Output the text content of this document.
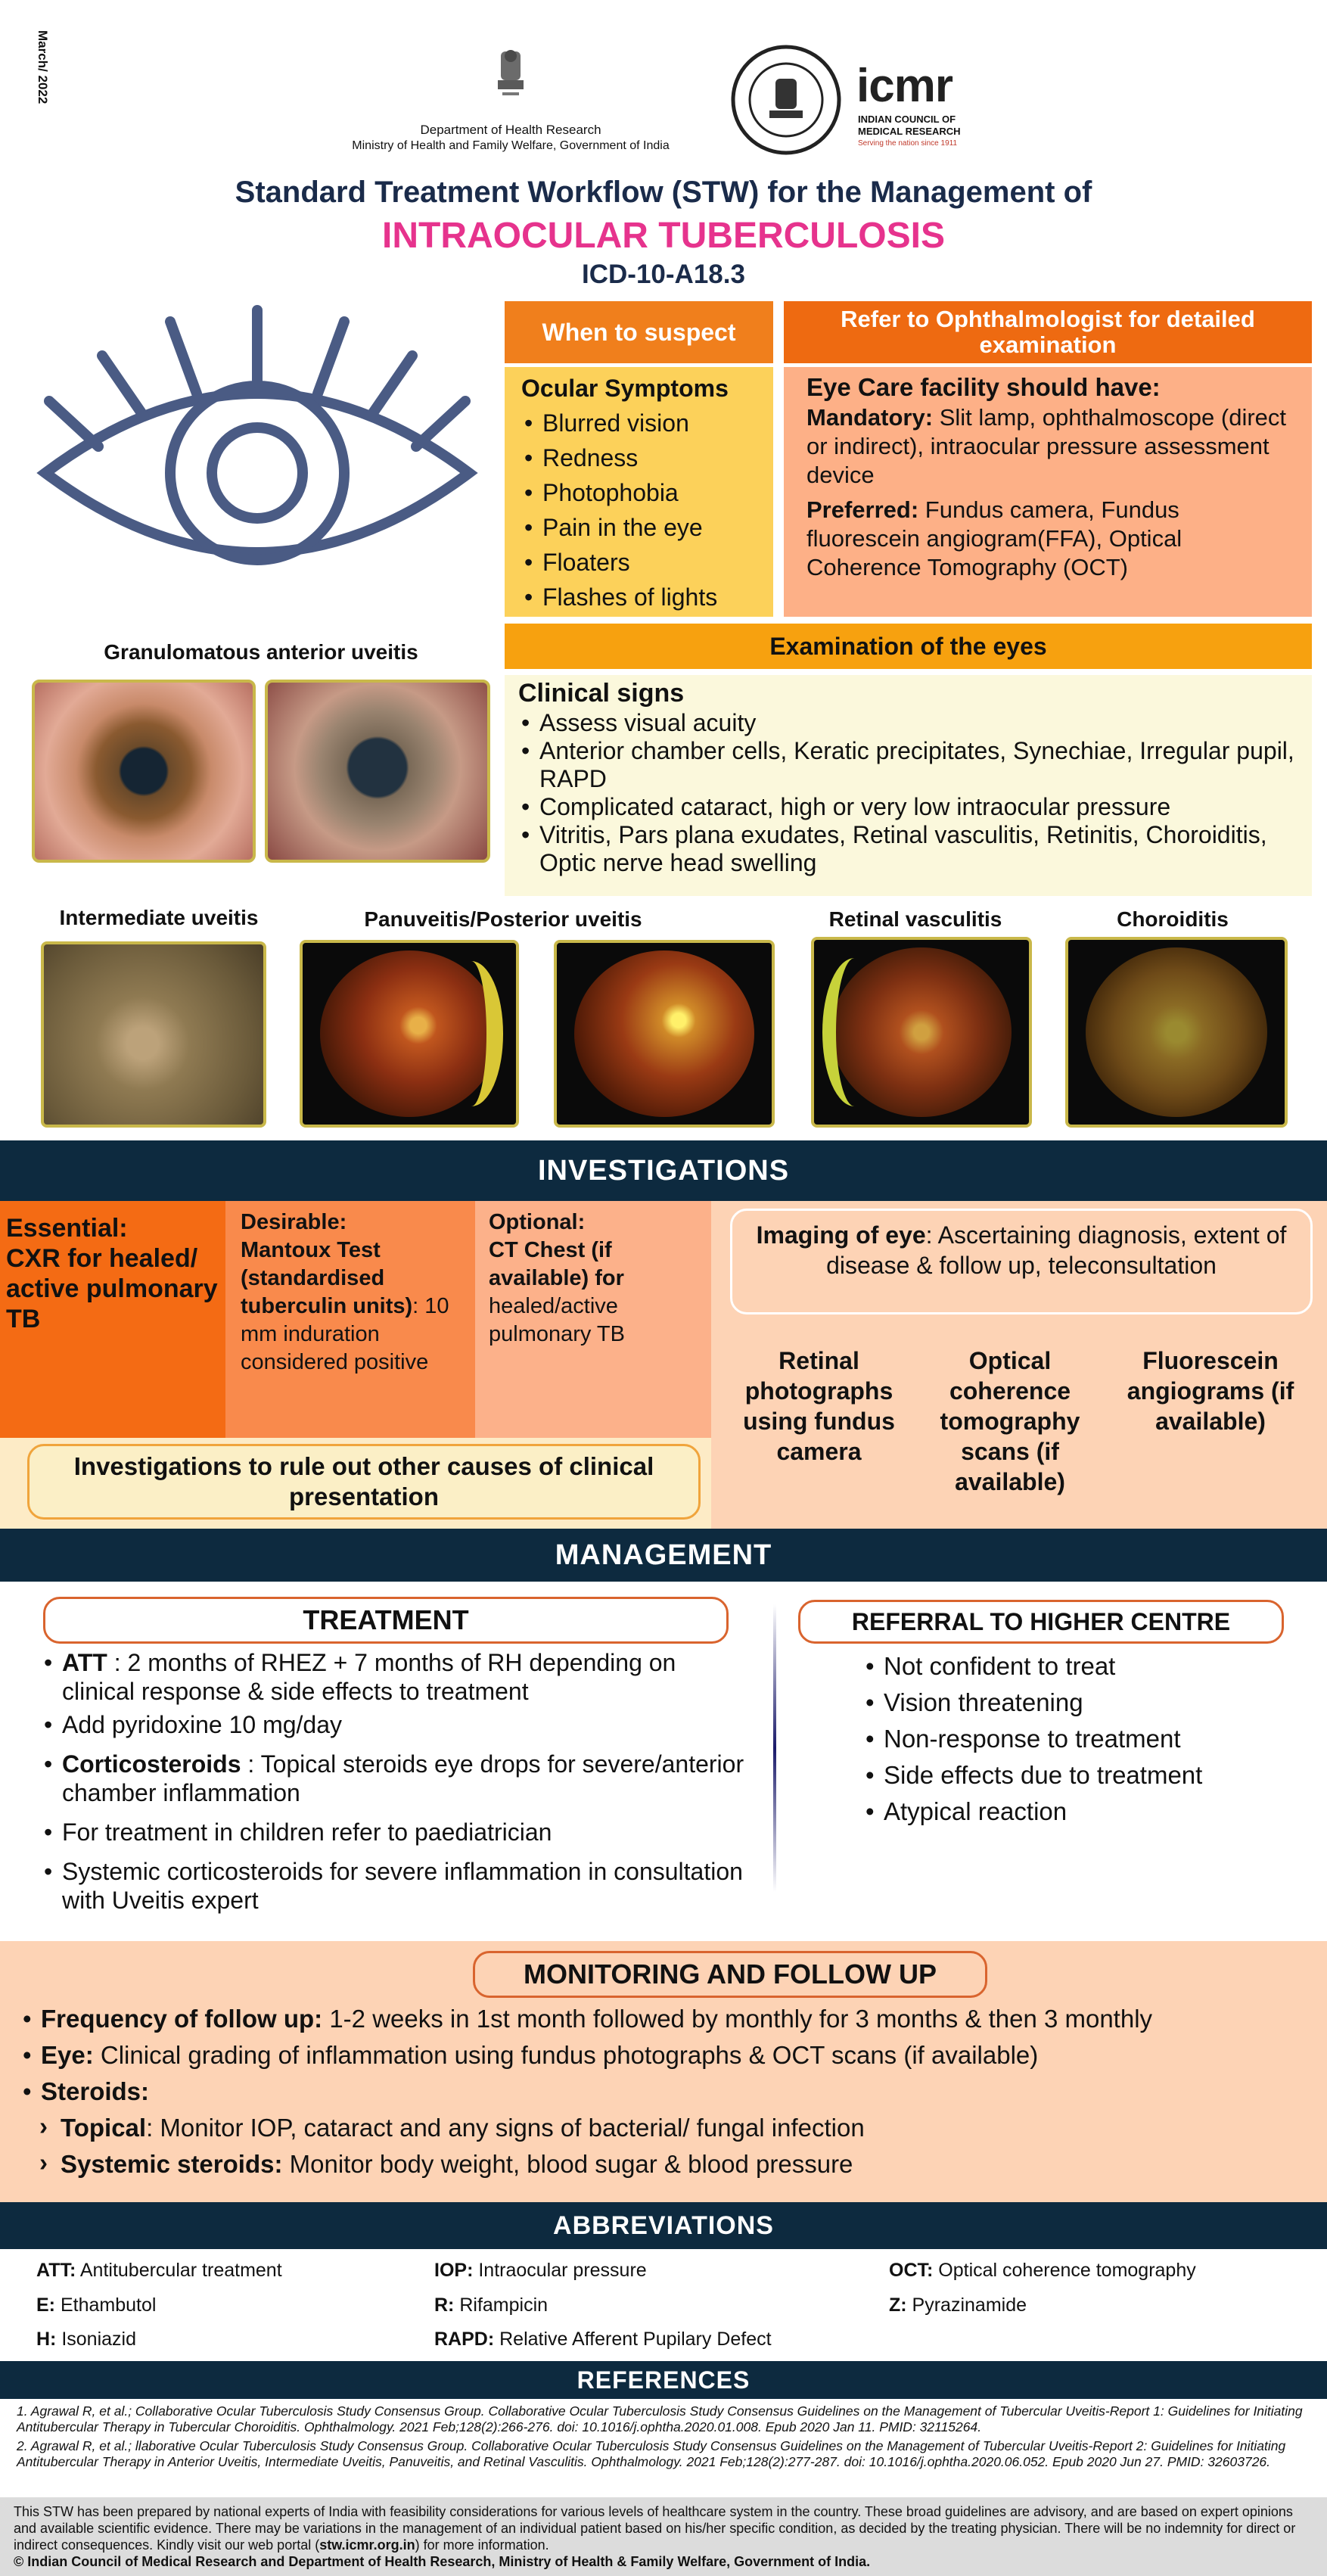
March/ 2022
Department of Health Research
Ministry of Health and Family Welfare, Government of India
icmr
INDIAN COUNCIL OF
MEDICAL RESEARCH
Serving the nation since 1911
Standard Treatment Workflow (STW) for the Management of
INTRAOCULAR TUBERCULOSIS
ICD-10-A18.3
When to suspect
Ocular Symptoms
• Blurred vision
• Redness
• Photophobia
• Pain in the eye
• Floaters
• Flashes of lights
Refer to Ophthalmologist for detailed examination
Eye Care facility should have:
Mandatory: Slit lamp, ophthalmoscope (direct or indirect), intraocular pressure assessment device
Preferred: Fundus camera, Fundus fluorescein angiogram(FFA), Optical Coherence Tomography (OCT)
Examination of the eyes
Clinical signs
• Assess visual acuity
• Anterior chamber cells, Keratic precipitates, Synechiae, Irregular pupil, RAPD
• Complicated cataract, high or very low intraocular pressure
• Vitritis, Pars plana exudates, Retinal vasculitis, Retinitis, Choroiditis, Optic nerve head swelling
Granulomatous anterior uveitis
Intermediate uveitis	Panuveitis/Posterior uveitis	Retinal vasculitis	Choroiditis
INVESTIGATIONS
Essential:
CXR for healed/ active pulmonary TB
Desirable:
Mantoux Test (standardised tuberculin units): 10 mm induration considered positive
Optional:
CT Chest (if available) for healed/active pulmonary TB
Investigations to rule out other causes of clinical presentation
Imaging of eye: Ascertaining diagnosis, extent of disease & follow up, teleconsultation
Retinal photographs using fundus camera
Optical coherence tomography scans (if available)
Fluorescein angiograms (if available)
MANAGEMENT
TREATMENT
• ATT : 2 months of RHEZ + 7 months of RH depending on clinical response & side effects to treatment
• Add pyridoxine 10 mg/day
• Corticosteroids : Topical steroids eye drops for severe/anterior chamber inflammation
• For treatment in children refer to paediatrician
• Systemic corticosteroids for severe inflammation in consultation with Uveitis expert
REFERRAL TO HIGHER CENTRE
• Not confident to treat
• Vision threatening
• Non-response to treatment
• Side effects due to treatment
• Atypical reaction
MONITORING AND FOLLOW UP
• Frequency of follow up: 1-2 weeks in 1st month followed by monthly for 3 months & then 3 monthly
• Eye: Clinical grading of inflammation using fundus photographs & OCT scans (if available)
• Steroids:
› Topical: Monitor IOP, cataract and any signs of bacterial/ fungal infection
› Systemic steroids: Monitor body weight, blood sugar & blood pressure
ABBREVIATIONS
ATT: Antitubercular treatment	IOP: Intraocular pressure	OCT: Optical coherence tomography
E: Ethambutol	R: Rifampicin	Z: Pyrazinamide
H: Isoniazid	RAPD: Relative Afferent Pupilary Defect
REFERENCES
1. Agrawal R, et al.; Collaborative Ocular Tuberculosis Study Consensus Group. Collaborative Ocular Tuberculosis Study Consensus Guidelines on the Management of Tubercular Uveitis-Report 1: Guidelines for Initiating Antitubercular Therapy in Tubercular Choroiditis. Ophthalmology. 2021 Feb;128(2):266-276. doi: 10.1016/j.ophtha.2020.01.008. Epub 2020 Jan 11. PMID: 32115264.
2. Agrawal R, et al.; llaborative Ocular Tuberculosis Study Consensus Group. Collaborative Ocular Tuberculosis Study Consensus Guidelines on the Management of Tubercular Uveitis-Report 2: Guidelines for Initiating Antitubercular Therapy in Anterior Uveitis, Intermediate Uveitis, Panuveitis, and Retinal Vasculitis. Ophthalmology. 2021 Feb;128(2):277-287. doi: 10.1016/j.ophtha.2020.06.052. Epub 2020 Jun 27. PMID: 32603726.
This STW has been prepared by national experts of India with feasibility considerations for various levels of healthcare system in the country. These broad guidelines are advisory, and are based on expert opinions and available scientific evidence. There may be variations in the management of an individual patient based on his/her specific condition, as decided by the treating physician. There will be no indemnity for direct or indirect consequences. Kindly visit our web portal (stw.icmr.org.in) for more information.
© Indian Council of Medical Research and Department of Health Research, Ministry of Health & Family Welfare, Government of India.
